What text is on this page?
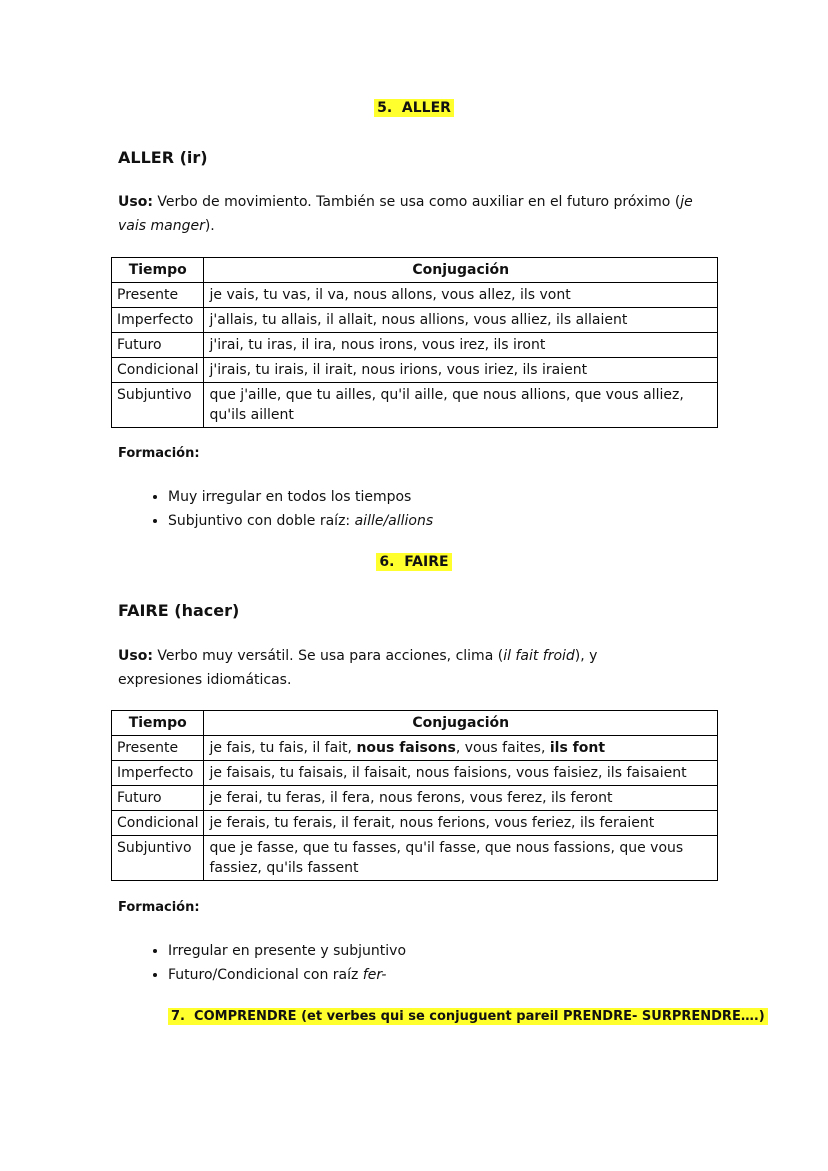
5. ALLER
ALLER (ir)
Uso: Verbo de movimiento. También se usa como auxiliar en el futuro próximo (je vais manger).
Tiempo	Conjugación
Presente	je vais, tu vas, il va, nous allons, vous allez, ils vont
Imperfecto	j'allais, tu allais, il allait, nous allions, vous alliez, ils allaient
Futuro	j'irai, tu iras, il ira, nous irons, vous irez, ils iront
Condicional	j'irais, tu irais, il irait, nous irions, vous iriez, ils iraient
Subjuntivo	que j'aille, que tu ailles, qu'il aille, que nous allions, que vous alliez, qu'ils aillent
Formación:
• Muy irregular en todos los tiempos
• Subjuntivo con doble raíz: aille/allions
6. FAIRE
FAIRE (hacer)
Uso: Verbo muy versátil. Se usa para acciones, clima (il fait froid), y expresiones idiomáticas.
Tiempo	Conjugación
Presente	je fais, tu fais, il fait, nous faisons, vous faites, ils font
Imperfecto	je faisais, tu faisais, il faisait, nous faisions, vous faisiez, ils faisaient
Futuro	je ferai, tu feras, il fera, nous ferons, vous ferez, ils feront
Condicional	je ferais, tu ferais, il ferait, nous ferions, vous feriez, ils feraient
Subjuntivo	que je fasse, que tu fasses, qu'il fasse, que nous fassions, que vous fassiez, qu'ils fassent
Formación:
• Irregular en presente y subjuntivo
• Futuro/Condicional con raíz fer-
7. COMPRENDRE (et verbes qui se conjuguent pareil PRENDRE- SURPRENDRE….)
